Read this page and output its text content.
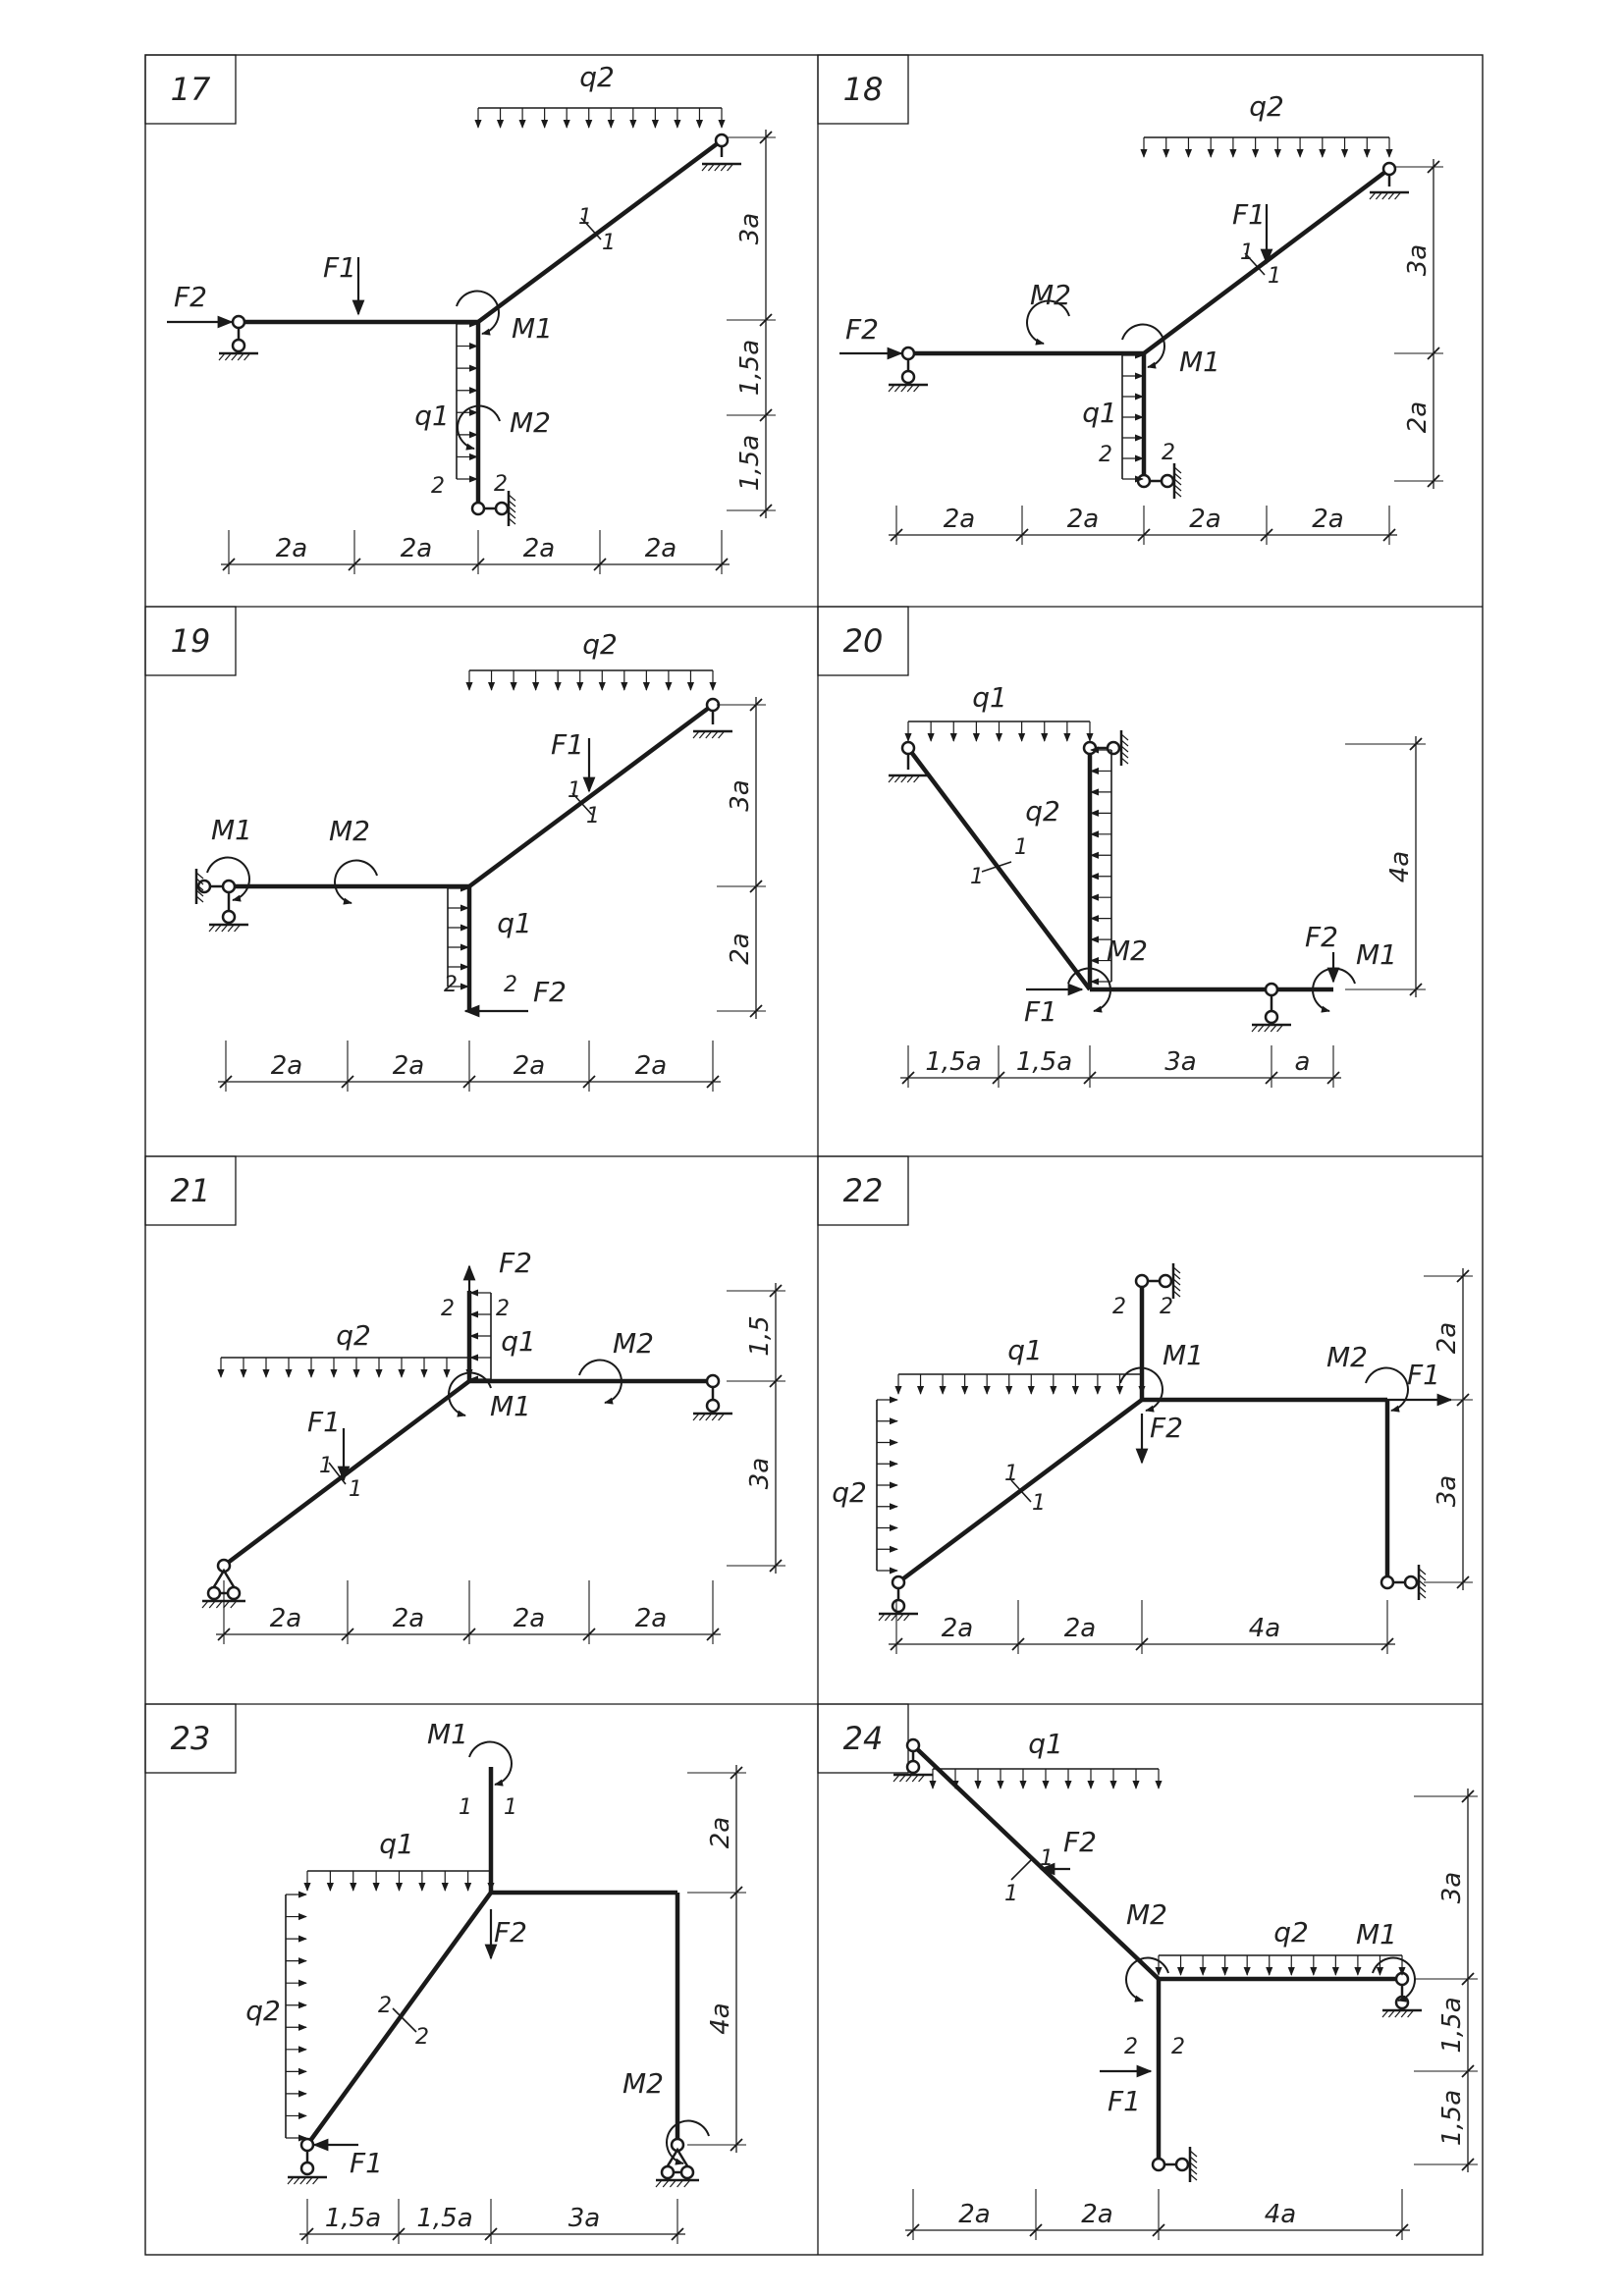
17
F2
F1
M1
M2
q1
q2
1
1
2 2
2a	2a	2a	2a
3a
1,5a
1,5a
18
F2
F1
M1
M2
q1
q2
1
1
2 2
2a	2a	2a	2a
3a
2a
19
F1
F2
M1	M2
q1
q2
1
1
2 2
2a	2a	2a	2a
3a
2a
20
q1
q2
M2	F2
M1
F1
1
1
1,5a 1,5a	3a	a
4a
21
F2
F1	M1
M2
q1
q2
1
1
2 2
2a	2a	2a	2a
1,5
3a
22
q1
q2
M1	M2
F2
F1
1
1
2 2
2a	2a	4a
2a
3a
23
q1
q2
M1
M2
F2
F1
2
2
1 1
1,5a 1,5a	3a
2a
4a
24	q1
q2
M2
M1
F2
F1
1
1
2 2
2a	2a	4a
3a
1,5a
1,5a
